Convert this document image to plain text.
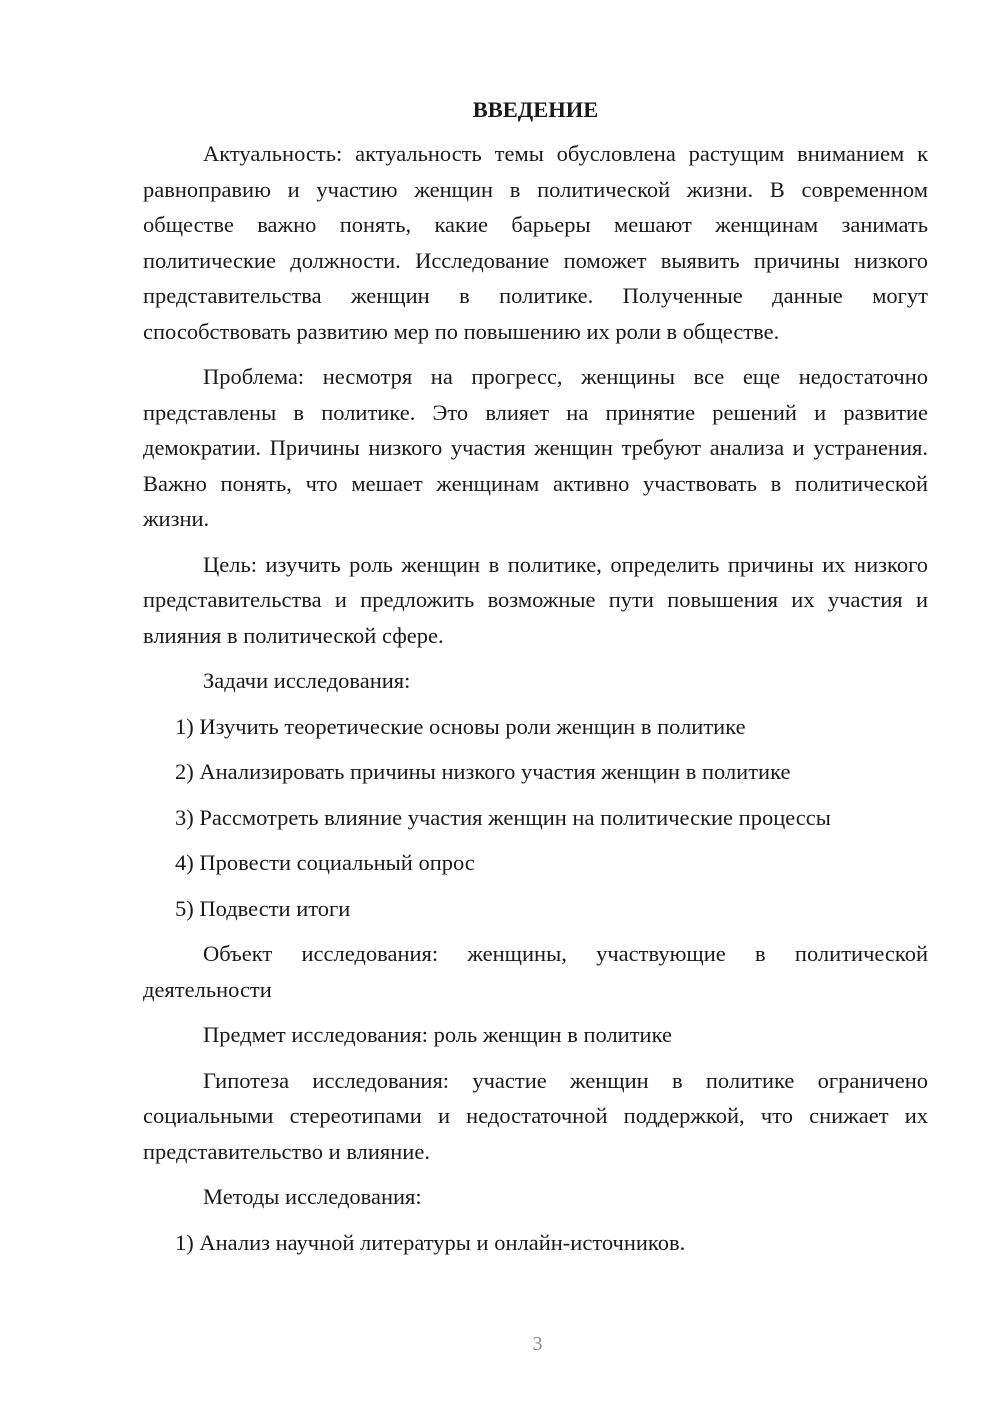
ВВЕДЕНИЕ

Актуальность: актуальность темы обусловлена растущим вниманием к равноправию и участию женщин в политической жизни. В современном обществе важно понять, какие барьеры мешают женщинам занимать политические должности. Исследование поможет выявить причины низкого представительства женщин в политике. Полученные данные могут способствовать развитию мер по повышению их роли в обществе.

Проблема: несмотря на прогресс, женщины все еще недостаточно представлены в политике. Это влияет на принятие решений и развитие демократии. Причины низкого участия женщин требуют анализа и устранения. Важно понять, что мешает женщинам активно участвовать в политической жизни.

Цель: изучить роль женщин в политике, определить причины их низкого представительства и предложить возможные пути повышения их участия и влияния в политической сфере.

Задачи исследования:

1) Изучить теоретические основы роли женщин в политике

2) Анализировать причины низкого участия женщин в политике

3) Рассмотреть влияние участия женщин на политические процессы

4) Провести социальный опрос

5) Подвести итоги

Объект исследования: женщины, участвующие в политической деятельности

Предмет исследования: роль женщин в политике

Гипотеза исследования: участие женщин в политике ограничено социальными стереотипами и недостаточной поддержкой, что снижает их представительство и влияние.

Методы исследования:

1) Анализ научной литературы и онлайн-источников.

3
